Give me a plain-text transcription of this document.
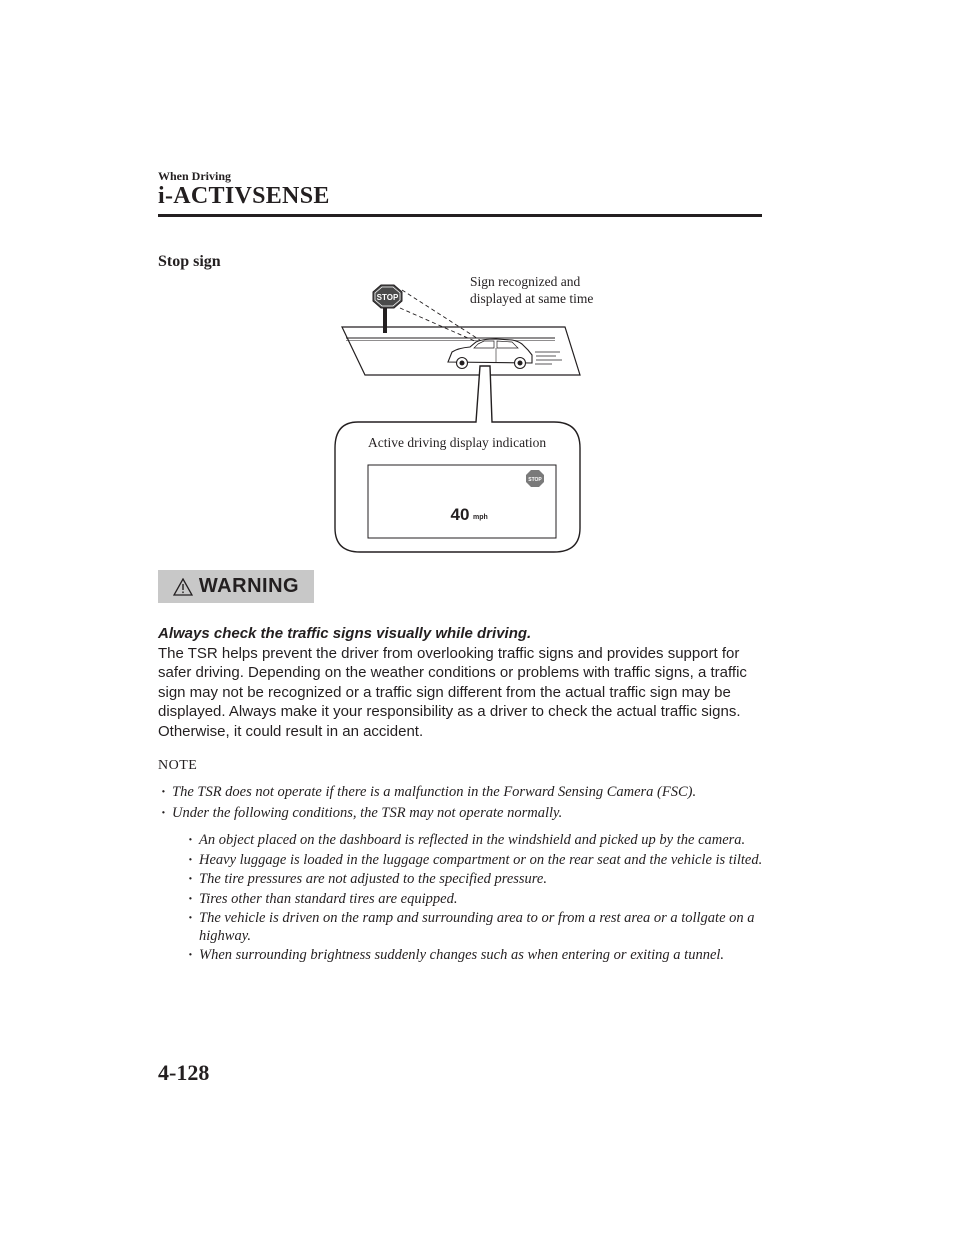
When Driving
i-ACTIVSENSE
Stop sign
STOP
STOP
40 mph
Sign recognized and
displayed at same time
Active driving display indication
WARNING
Always check the traffic signs visually while driving.
The TSR helps prevent the driver from overlooking traffic signs and provides support for safer driving. Depending on the weather conditions or problems with traffic signs, a traffic sign may not be recognized or a traffic sign different from the actual traffic sign may be displayed. Always make it your responsibility as a driver to check the actual traffic signs. Otherwise, it could result in an accident.
NOTE
· The TSR does not operate if there is a malfunction in the Forward Sensing Camera (FSC).
· Under the following conditions, the TSR may not operate normally.
· An object placed on the dashboard is reflected in the windshield and picked up by the camera.
· Heavy luggage is loaded in the luggage compartment or on the rear seat and the vehicle is tilted.
· The tire pressures are not adjusted to the specified pressure.
· Tires other than standard tires are equipped.
· The vehicle is driven on the ramp and surrounding area to or from a rest area or a tollgate on a highway.
· When surrounding brightness suddenly changes such as when entering or exiting a tunnel.
4-128
